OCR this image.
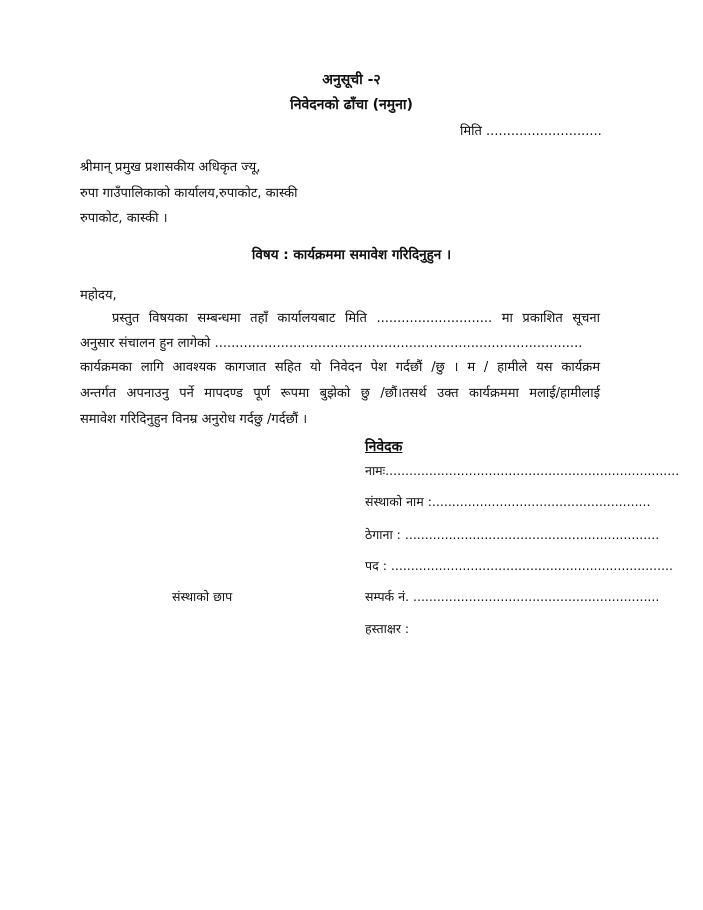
अनुसूची -२
निवेदनको ढाँचा (नमुना)
मिति ............................
श्रीमान् प्रमुख प्रशासकीय अधिकृत ज्यू,
रुपा गाउँपालिकाको कार्यालय,रुपाकोट, कास्की
रुपाकोट, कास्की ।
विषय : कार्यक्रममा समावेश गरिदिनुहुन ।
महोदय,
प्रस्तुत विषयका सम्बन्धमा तहाँ कार्यालयबाट मिति ............................ मा प्रकाशित सूचना
अनुसार संचालन हुन लागेको .........................................................................................
कार्यक्रमका लागि आवश्यक कागजात सहित यो निवेदन पेश गर्दछौं /छु । म / हामीले यस कार्यक्रम
अन्तर्गत अपनाउनु पर्ने मापदण्ड पूर्ण रूपमा बुझेको छु /छौं।तसर्थ उक्त कार्यक्रममा मलाई/हामीलाई
समावेश गरिदिनुहुन विनम्र अनुरोध गर्दछु /गर्दछौं ।
निवेदक
नामः..........................................................................
संस्थाको नाम :.......................................................
ठेगाना : ................................................................
पद : .......................................................................
सम्पर्क नं. ..............................................................
हस्ताक्षर :
संस्थाको छाप
